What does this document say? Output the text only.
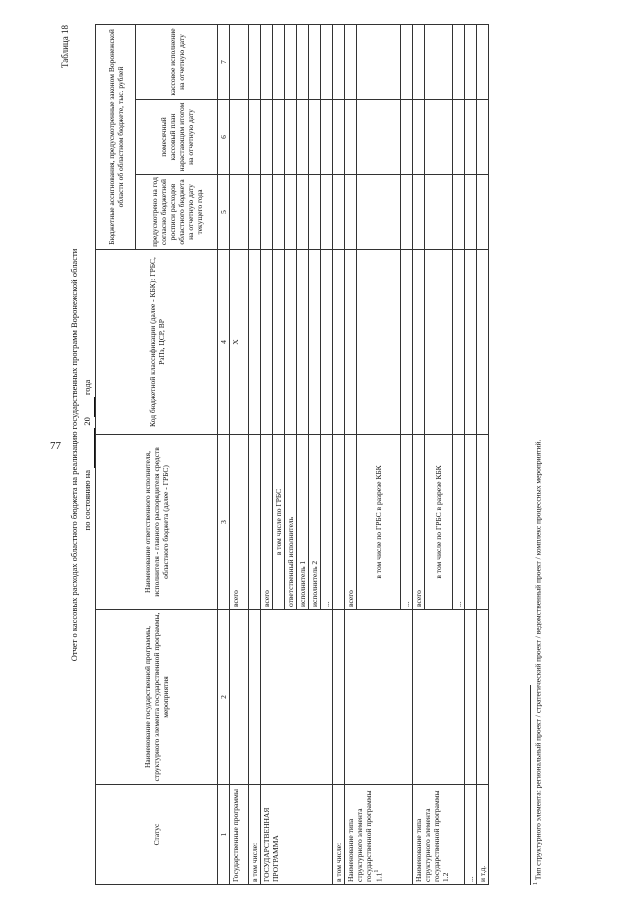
77
Таблица 18
Отчет о кассовых расходах областного бюджета на реализацию государственных программ Воронежской области по состоянию на   20  года
Статус	Наименование государственной программы, структурного элемента государственной программы, мероприятия	Наименование ответственного исполнителя, исполнителя - главного распорядителя средств областного бюджета (далее - ГРБС)	Код бюджетной классификации (далее - КБК): ГРБС, РзПз, ЦСР, ВР	Бюджетные ассигнования, предусмотренные законом Воронежской области об областном бюджете, тыс. рублей		
				предусмотрено на год согласно бюджетной росписи расходов областного бюджета на отчетную дату текущего года	помесячный кассовый план нарастающим итогом на отчетную дату	кассовое исполнение на отчетную дату
1	2	3	4	5	6	7
Государственные программы		всего	X			
в том числе:						
ГОСУДАРСТВЕННАЯ ПРОГРАММА		всего				
		в том числе по ГРБС				
		ответственный исполнитель				
		исполнитель 1				
		исполнитель 2				
		...				
в том числе:						
Наименование типа структурного элемента государственной программы $1.1^1$		всего				
		в том числе по ГРБС в разрезе КБК				
		...				
Наименование типа структурного элемента государственной программы 1.2		всего				
		в том числе по ГРБС в разрезе КБК				
		...				
...						
и т.д.						
$^1$ Тип структурного элемента: региональный проект / стратегический проект / ведомственный проект / комплекс процессных мероприятий.
